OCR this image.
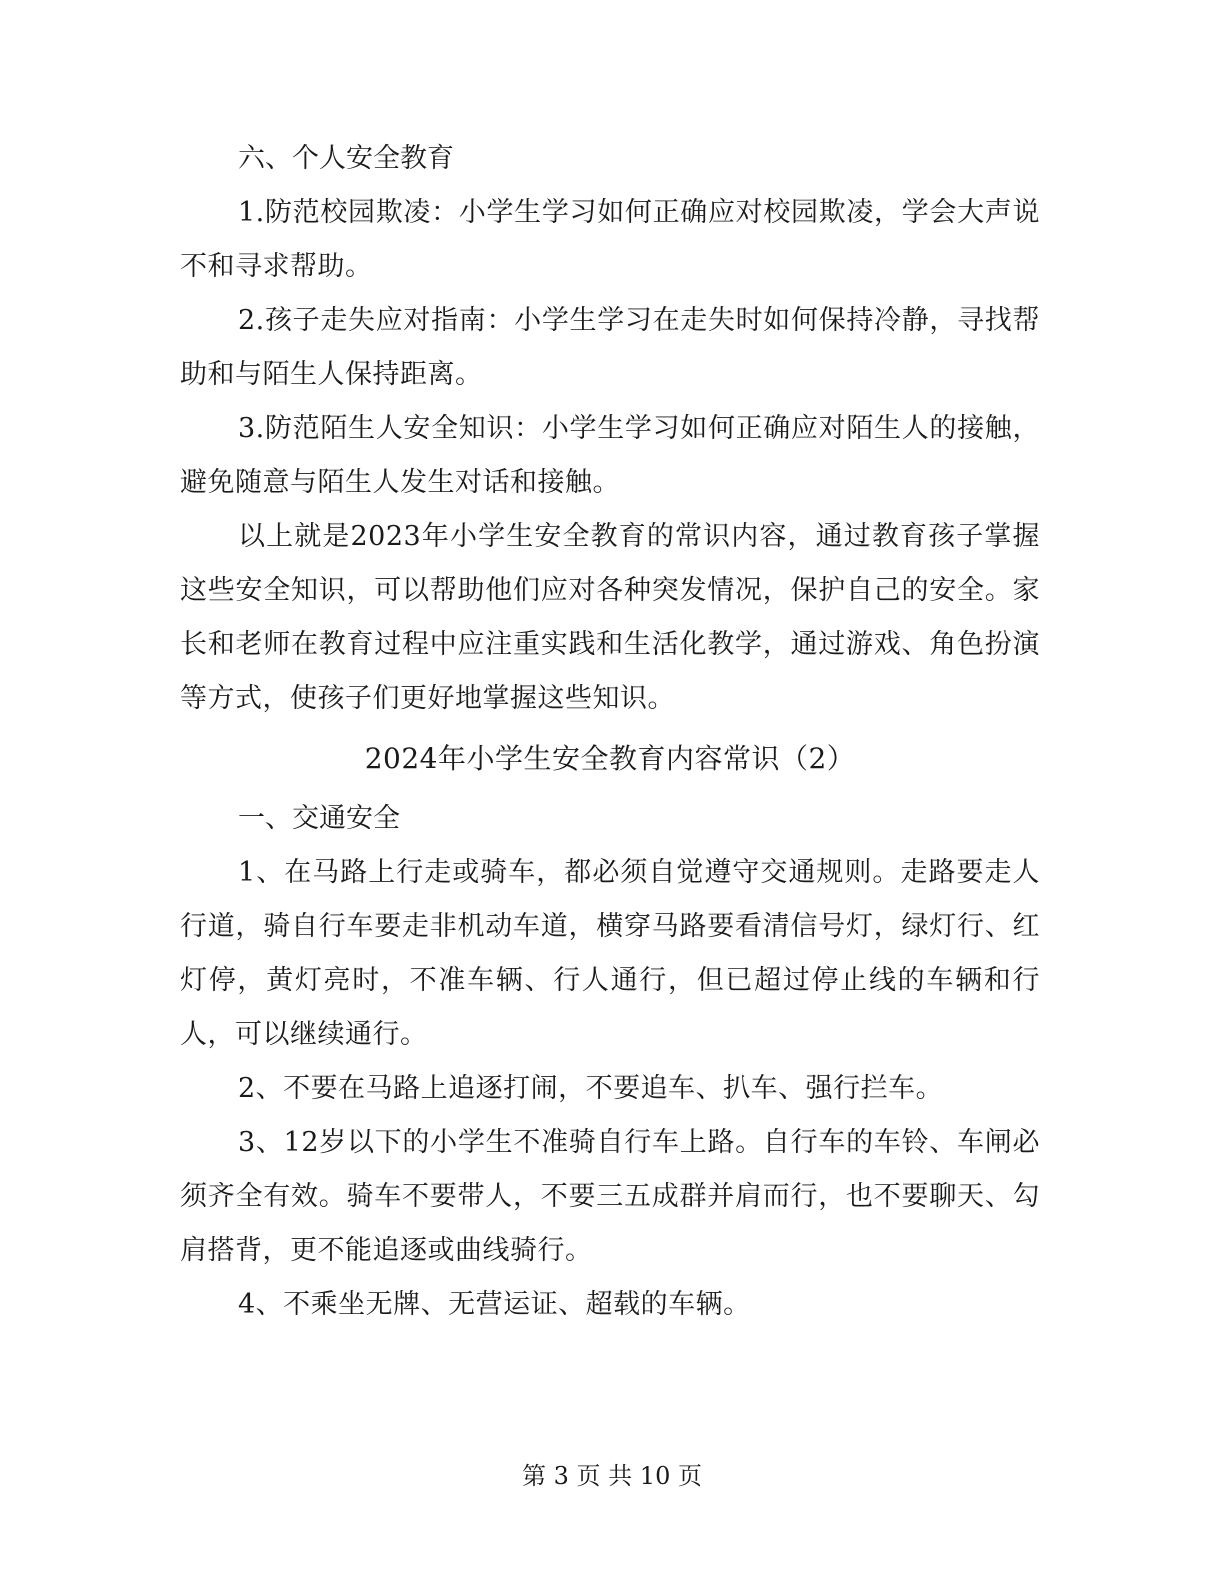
六、个人安全教育

1.防范校园欺凌：小学生学习如何正确应对校园欺凌，学会大声说不和寻求帮助。

2.孩子走失应对指南：小学生学习在走失时如何保持冷静，寻找帮助和与陌生人保持距离。

3.防范陌生人安全知识：小学生学习如何正确应对陌生人的接触，避免随意与陌生人发生对话和接触。

以上就是2023年小学生安全教育的常识内容，通过教育孩子掌握这些安全知识，可以帮助他们应对各种突发情况，保护自己的安全。家长和老师在教育过程中应注重实践和生活化教学，通过游戏、角色扮演等方式，使孩子们更好地掌握这些知识。

2024年小学生安全教育内容常识（2）

一、交通安全

1、在马路上行走或骑车，都必须自觉遵守交通规则。走路要走人行道，骑自行车要走非机动车道，横穿马路要看清信号灯，绿灯行、红灯停，黄灯亮时，不准车辆、行人通行，但已超过停止线的车辆和行人，可以继续通行。

2、不要在马路上追逐打闹，不要追车、扒车、强行拦车。

3、12岁以下的小学生不准骑自行车上路。自行车的车铃、车闸必须齐全有效。骑车不要带人，不要三五成群并肩而行，也不要聊天、勾肩搭背，更不能追逐或曲线骑行。

4、不乘坐无牌、无营运证、超载的车辆。

第 3 页 共 10 页
